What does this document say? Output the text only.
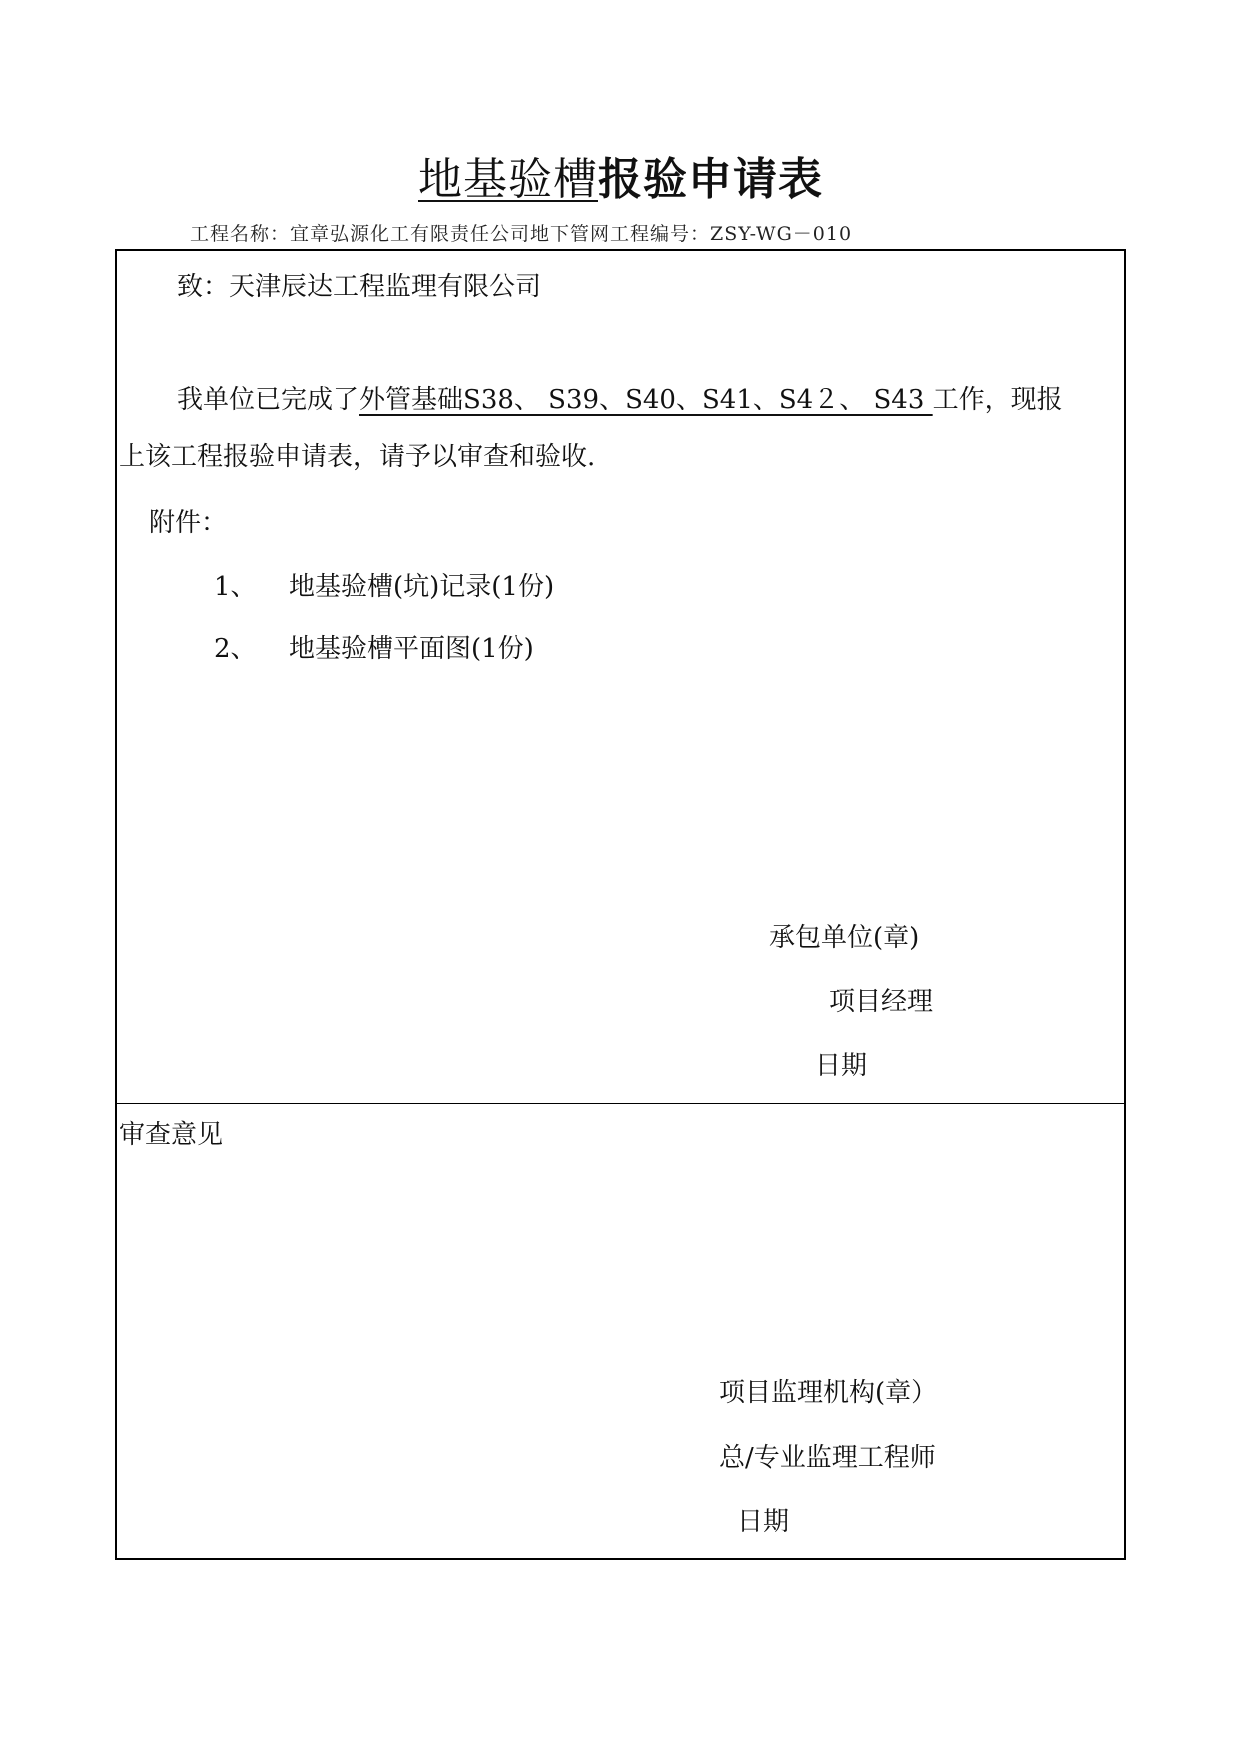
地基验槽报验申请表
工程名称：宜章弘源化工有限责任公司地下管网工程编号：ZSY-WG－010
致：天津辰达工程监理有限公司
我单位已完成了外管基础S38、 S39、S40、S41、S4２、 S43 工作，现报
上该工程报验申请表，请予以审查和验收.
附件：
1、 地基验槽(坑)记录(1份)
2、 地基验槽平面图(1份)
承包单位(章)
项目经理
日期
审查意见
项目监理机构(章）
总/专业监理工程师
日期
